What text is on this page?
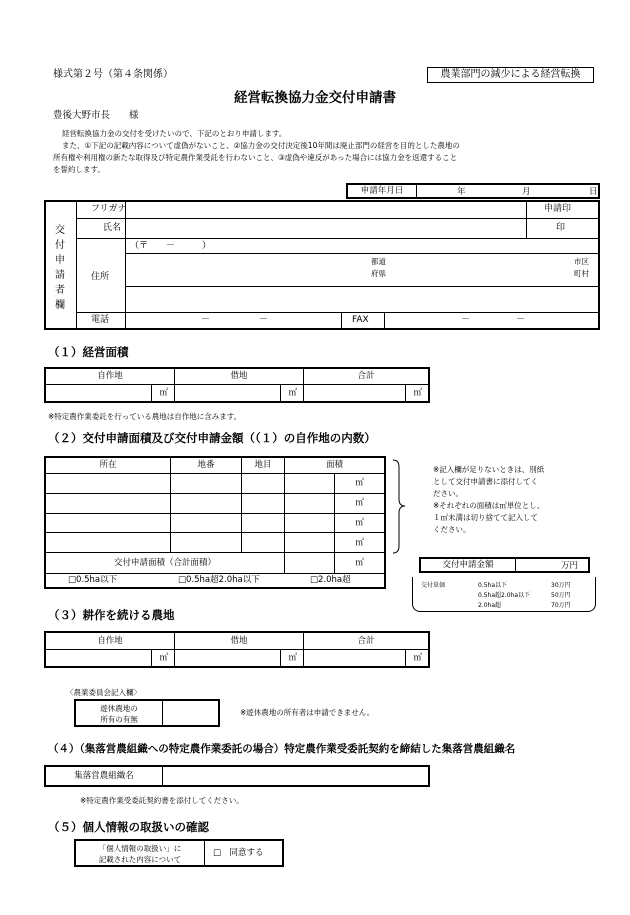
様式第２号（第４条関係）	農業部門の減少による経営転換
経営転換協力金交付申請書
豊後大野市長　　様
経営転換協力金の交付を受けたいので、下記のとおり申請します。
また、①下記の記載内容について虚偽がないこと、②協力金の交付決定後10年間は廃止部門の経営を目的とした農地の
所有権や利用権の新たな取得及び特定農作業受託を行わないこと、③虚偽や違反があった場合には協力金を返還すること
を誓約します。
申請年月日	年	月	日
交
付
申
請
者
欄
フリガナ	申請印
氏名	印
住所
（〒　　－　　　）
都道
府県
市区
町村
電話	－	－	FAX	－	－
（１）経営面積
自作地	借地	合計

㎡	㎡	㎡
※特定農作業委託を行っている農地は自作地に含みます。
（２）交付申請面積及び交付申請金額（（１）の自作地の内数）
所在	地番	地目	面積	
				㎡
				㎡
				㎡
				㎡
交付申請面積（合計面積）				㎡

□0.5ha以下 □0.5ha超2.0ha以下 □2.0ha超				
※記入欄が足りないときは、別紙
として交付申請書に添付してく
ださい。
※それぞれの面積は㎡単位とし、
１㎡未満は切り捨てて記入して
ください。
交付申請金額	万円
交付単価	0.5ha以下	30万円
0.5ha超2.0ha以下	50万円
2.0ha超	70万円
（３）耕作を続ける農地
自作地	借地	合計

㎡	㎡	㎡
〈農業委員会記入欄〉
遊休農地の
所有の有無

※遊休農地の所有者は申請できません。
（４）（集落営農組織への特定農作業委託の場合）特定農作業受委託契約を締結した集落営農組織名
集落営農組織名	
※特定農作業受委託契約書を添付してください。
（５）個人情報の取扱いの確認
「個人情報の取扱い」に
記載された内容について
	□　同意する
